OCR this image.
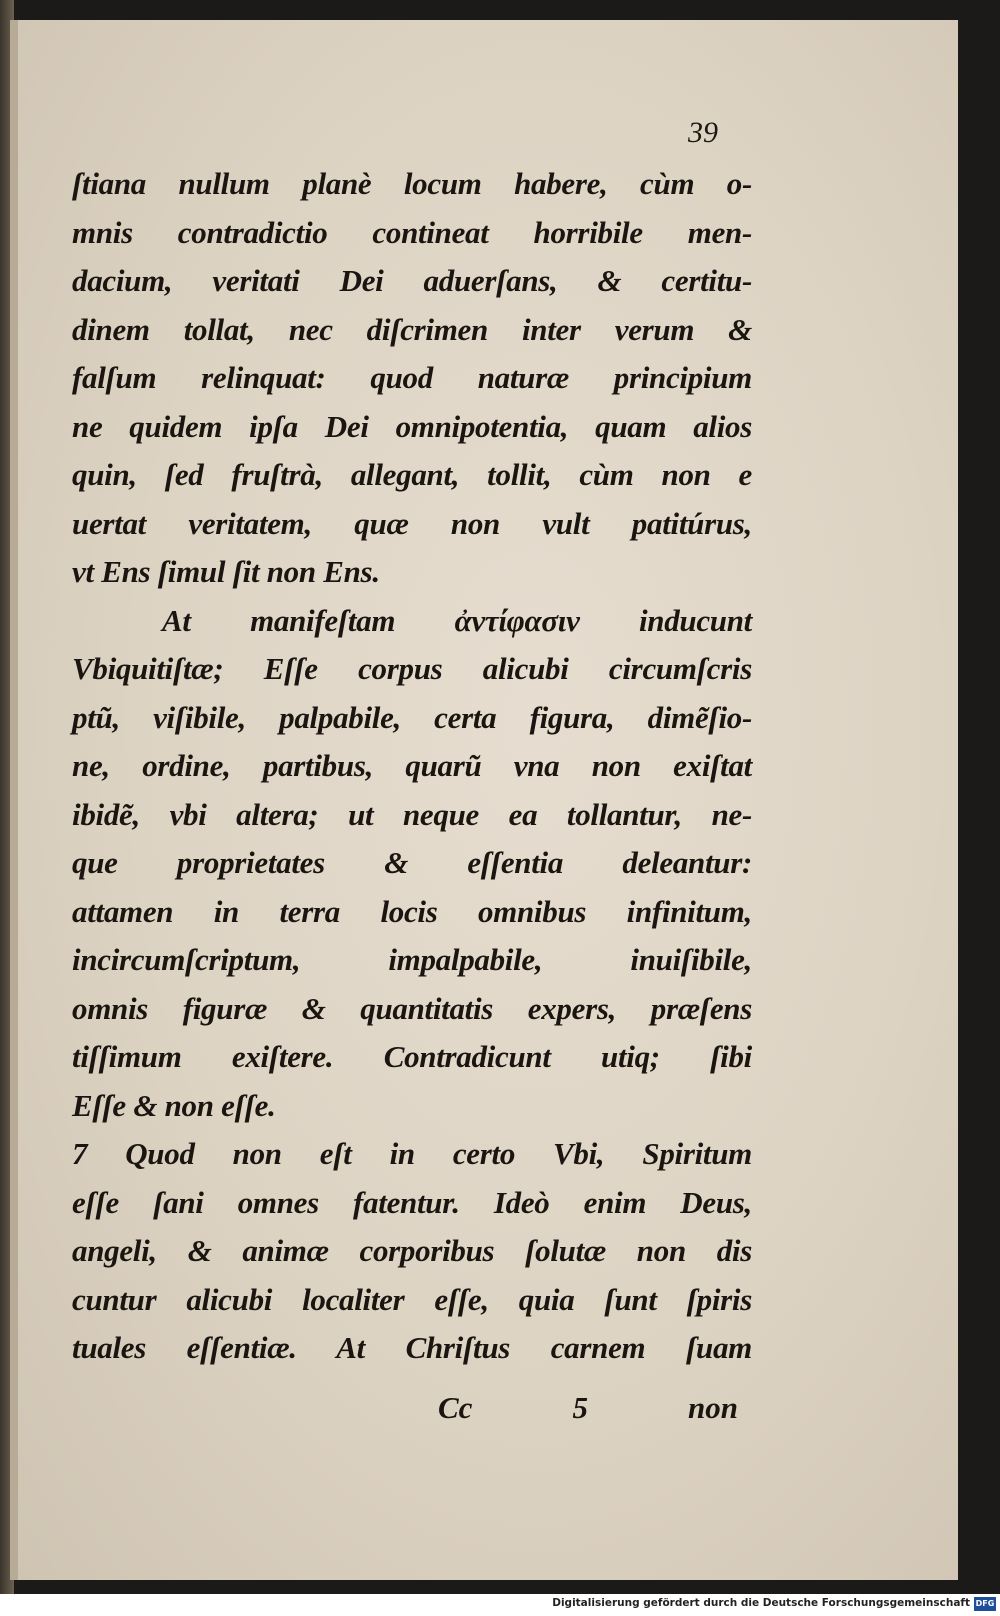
39
ſtiana nullum planè locum habere, cùm o-
mnis contradictio contineat horribile men-
dacium, veritati Dei aduerſans, & certitu-
dinem tollat, nec diſcrimen inter verum &
falſum relinquat: quod naturæ principium
ne quidem ipſa Dei omnipotentia, quam alios
quin, ſed fruſtrà, allegant, tollit, cùm non e
uertat veritatem, quæ non vult patitúrus,
vt Ens ſimul ſit non Ens.
At manifeſtam ἀντίφασιν inducunt
Vbiquitiſtæ; Eſſe corpus alicubi circumſcris
ptũ, viſibile, palpabile, certa figura, dimẽſio-
ne, ordine, partibus, quarũ vna non exiſtat
ibidẽ, vbi altera; ut neque ea tollantur, ne-
que proprietates & eſſentia deleantur:
attamen in terra locis omnibus infinitum,
incircumſcriptum, impalpabile, inuiſibile,
omnis figuræ & quantitatis expers, præſens
tiſſimum exiſtere. Contradicunt utiq; ſibi
Eſſe & non eſſe.
7 Quod non eſt in certo Vbi, Spiritum
eſſe ſani omnes fatentur. Ideò enim Deus,
angeli, & animæ corporibus ſolutæ non dis
cuntur alicubi localiter eſſe, quia ſunt ſpiris
tuales eſſentiæ. At Chriſtus carnem ſuam
Cc 5	non
Digitalisierung gefördert durch die Deutsche Forschungsgemeinschaft DFG
